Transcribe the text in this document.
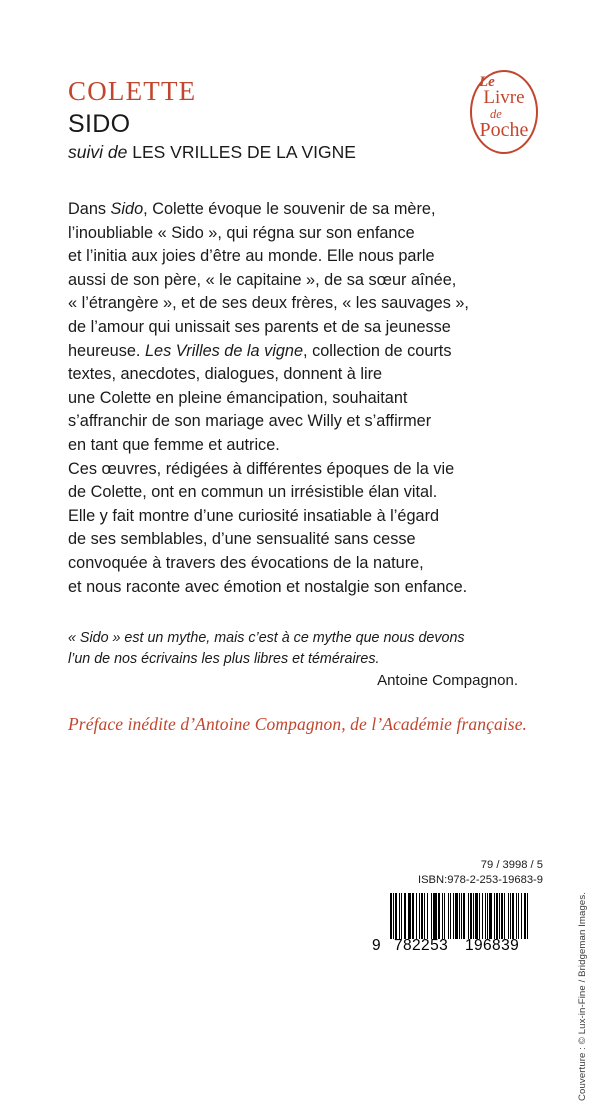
COLETTE
SIDO
suivi de LES VRILLES DE LA VIGNE
Le
Livre
de
Poche
Dans Sido, Colette évoque le souvenir de sa mère,
l’inoubliable « Sido », qui régna sur son enfance
et l’initia aux joies d’être au monde. Elle nous parle
aussi de son père, « le capitaine », de sa sœur aînée,
« l’étrangère », et de ses deux frères, « les sauvages »,
de l’amour qui unissait ses parents et de sa jeunesse
heureuse. Les Vrilles de la vigne, collection de courts
textes, anecdotes, dialogues, donnent à lire
une Colette en pleine émancipation, souhaitant
s’affranchir de son mariage avec Willy et s’affirmer
en tant que femme et autrice.
Ces œuvres, rédigées à différentes époques de la vie
de Colette, ont en commun un irrésistible élan vital.
Elle y fait montre d’une curiosité insatiable à l’égard
de ses semblables, d’une sensualité sans cesse
convoquée à travers des évocations de la nature,
et nous raconte avec émotion et nostalgie son enfance.
« Sido » est un mythe, mais c’est à ce mythe que nous devons
l’un de nos écrivains les plus libres et téméraires.
Antoine Compagnon.
Préface inédite d’Antoine Compagnon, de l’Académie française.
Couverture : © Lux-in-Fine / Bridgeman Images.
79 / 3998 / 5
ISBN:978-2-253-19683-9
9 782253 196839
